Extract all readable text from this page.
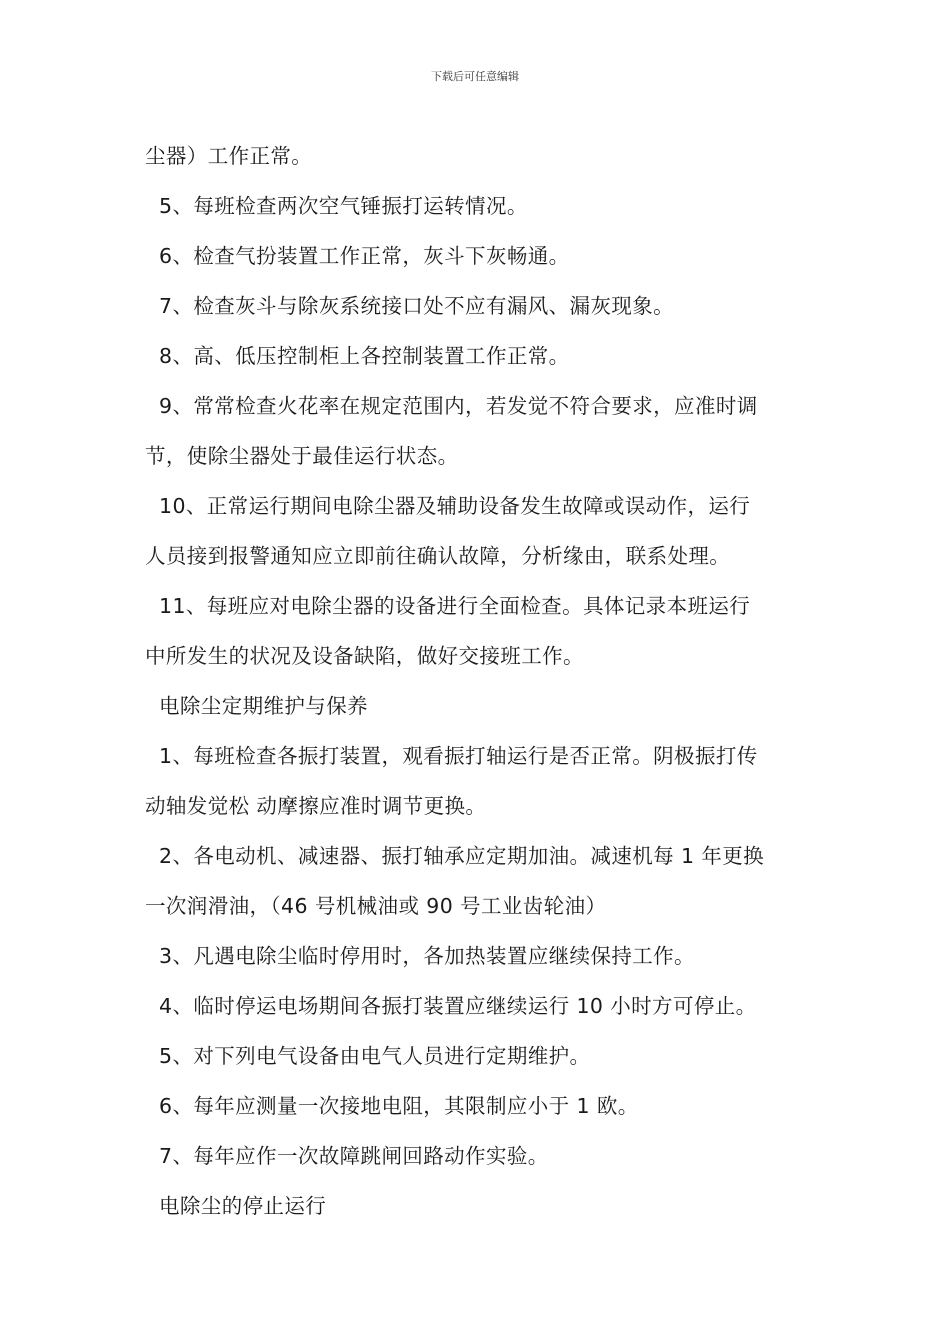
下载后可任意编辑
尘器）工作正常。
5、每班检查两次空气锤振打运转情况。
6、检查气扮装置工作正常，灰斗下灰畅通。
7、检查灰斗与除灰系统接口处不应有漏风、漏灰现象。
8、高、低压控制柜上各控制装置工作正常。
9、常常检查火花率在规定范围内，若发觉不符合要求，应准时调
节，使除尘器处于最佳运行状态。
10、正常运行期间电除尘器及辅助设备发生故障或误动作，运行
人员接到报警通知应立即前往确认故障，分析缘由，联系处理。
11、每班应对电除尘器的设备进行全面检查。具体记录本班运行
中所发生的状况及设备缺陷，做好交接班工作。
电除尘定期维护与保养
1、每班检查各振打装置，观看振打轴运行是否正常。阴极振打传
动轴发觉松 动摩擦应准时调节更换。
2、各电动机、减速器、振打轴承应定期加油。减速机每 1 年更换
一次润滑油，（46 号机械油或 90 号工业齿轮油）
3、凡遇电除尘临时停用时，各加热装置应继续保持工作。
4、临时停运电场期间各振打装置应继续运行 10 小时方可停止。
5、对下列电气设备由电气人员进行定期维护。
6、每年应测量一次接地电阻，其限制应小于 1 欧。
7、每年应作一次故障跳闸回路动作实验。
电除尘的停止运行
